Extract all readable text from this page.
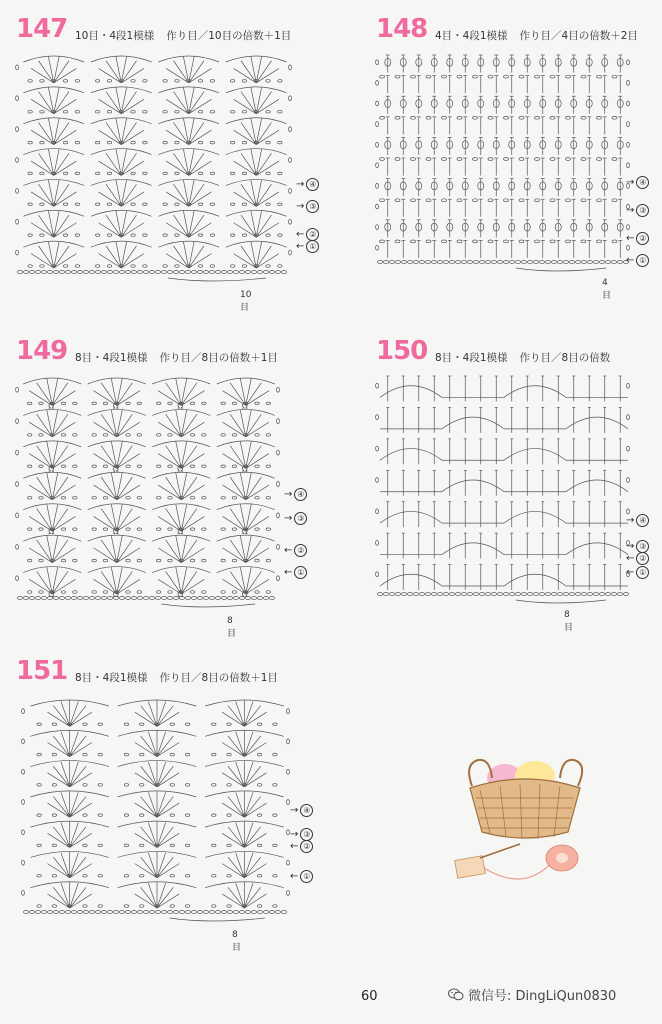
147 10目・4段1模様 作り目／10目の倍数＋1目
→ ④
→ ③
← ②
← ①
10目
148 4目・4段1模様 作り目／4目の倍数＋2目
→ ④
→ ③
← ②
← ①
4目
149 8目・4段1模様 作り目／8目の倍数＋1目
Ω	Ω	Ω	Ω
Ω	Ω	Ω	Ω
Ω	Ω	Ω	Ω
Ω	Ω	Ω	Ω
→ ④
→ ③
← ②
← ①
8目
150 8目・4段1模様 作り目／8目の倍数
→ ④
→ ③
← ②
← ①
8目
151 8目・4段1模様 作り目／8目の倍数＋1目
→ ④
→ ③
← ②
← ①
8目
60	微信号: DingLiQun0830
